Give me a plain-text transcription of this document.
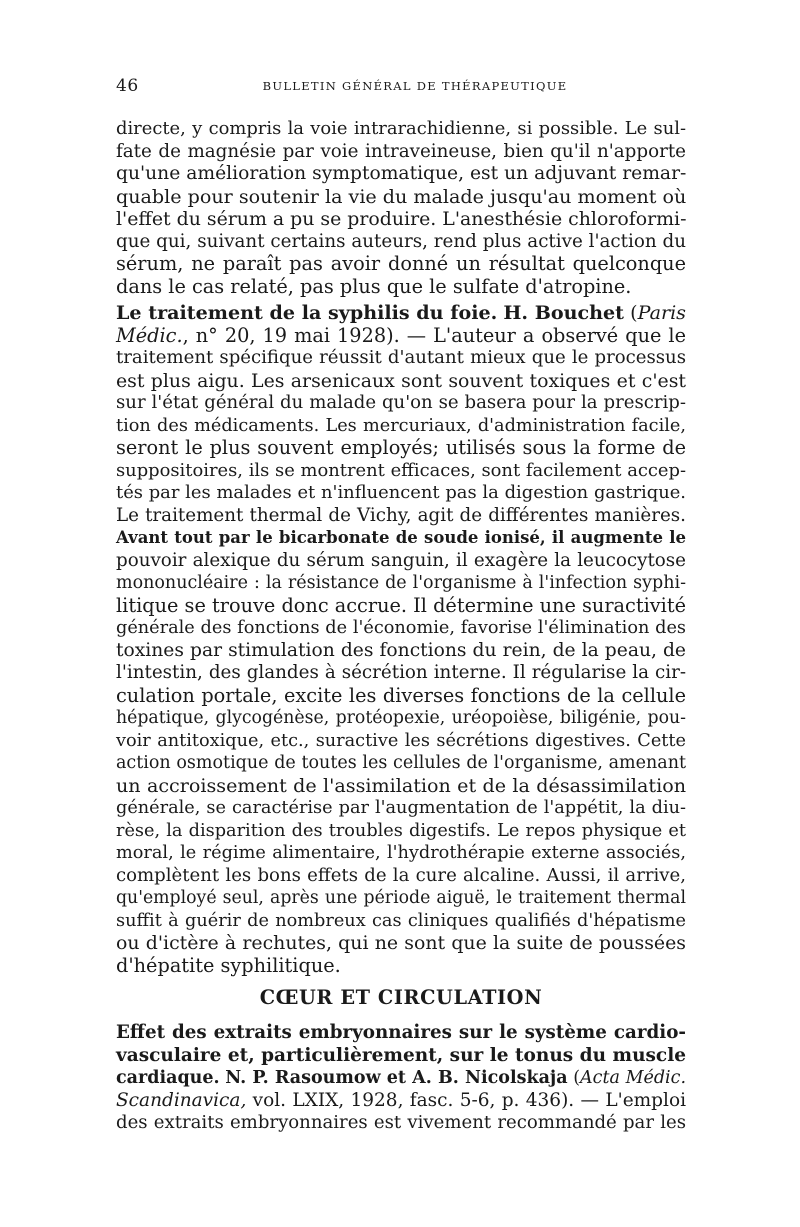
46	BULLETIN GÉNÉRAL DE THÉRAPEUTIQUE
directe, y compris la voie intrarachidienne, si possible. Le sul-
fate de magnésie par voie intraveineuse, bien qu'il n'apporte
qu'une amélioration symptomatique, est un adjuvant remar-
quable pour soutenir la vie du malade jusqu'au moment où
l'effet du sérum a pu se produire. L'anesthésie chloroformi-
que qui, suivant certains auteurs, rend plus active l'action du
sérum, ne paraît pas avoir donné un résultat quelconque
dans le cas relaté, pas plus que le sulfate d'atropine.
Le traitement de la syphilis du foie. H. Bouchet (Paris
Médic., n° 20, 19 mai 1928). — L'auteur a observé que le
traitement spécifique réussit d'autant mieux que le processus
est plus aigu. Les arsenicaux sont souvent toxiques et c'est
sur l'état général du malade qu'on se basera pour la prescrip-
tion des médicaments. Les mercuriaux, d'administration facile,
seront le plus souvent employés; utilisés sous la forme de
suppositoires, ils se montrent efficaces, sont facilement accep-
tés par les malades et n'influencent pas la digestion gastrique.
Le traitement thermal de Vichy, agit de différentes manières.
Avant tout par le bicarbonate de soude ionisé, il augmente le
pouvoir alexique du sérum sanguin, il exagère la leucocytose
mononucléaire : la résistance de l'organisme à l'infection syphi-
litique se trouve donc accrue. Il détermine une suractivité
générale des fonctions de l'économie, favorise l'élimination des
toxines par stimulation des fonctions du rein, de la peau, de
l'intestin, des glandes à sécrétion interne. Il régularise la cir-
culation portale, excite les diverses fonctions de la cellule
hépatique, glycogénèse, protéopexie, uréopoièse, biligénie, pou-
voir antitoxique, etc., suractive les sécrétions digestives. Cette
action osmotique de toutes les cellules de l'organisme, amenant
un accroissement de l'assimilation et de la désassimilation
générale, se caractérise par l'augmentation de l'appétit, la diu-
rèse, la disparition des troubles digestifs. Le repos physique et
moral, le régime alimentaire, l'hydrothérapie externe associés,
complètent les bons effets de la cure alcaline. Aussi, il arrive,
qu'employé seul, après une période aiguë, le traitement thermal
suffit à guérir de nombreux cas cliniques qualifiés d'hépatisme
ou d'ictère à rechutes, qui ne sont que la suite de poussées
d'hépatite syphilitique.
CŒUR ET CIRCULATION
Effet des extraits embryonnaires sur le système cardio-
vasculaire et, particulièrement, sur le tonus du muscle
cardiaque. N. P. Rasoumow et A. B. Nicolskaja (Acta Médic.
Scandinavica, vol. LXIX, 1928, fasc. 5-6, p. 436). — L'emploi
des extraits embryonnaires est vivement recommandé par les
